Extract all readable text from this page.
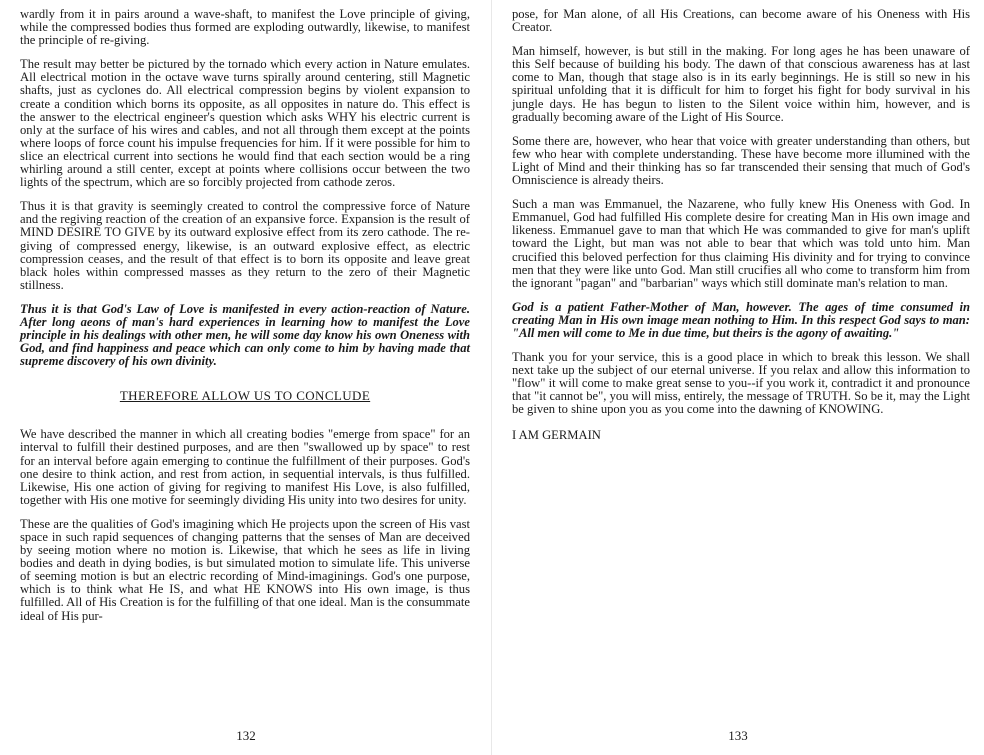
wardly from it in pairs around a wave-shaft, to manifest the Love principle of giving, while the compressed bodies thus formed are exploding outwardly, likewise, to manifest the principle of re-giving.

The result may better be pictured by the tornado which every action in Nature emulates. All electrical motion in the octave wave turns spirally around centering, still Magnetic shafts, just as cyclones do. All electrical compression begins by violent expansion to create a condition which borns its opposite, as all opposites in nature do. This effect is the answer to the electrical engineer's question which asks WHY his electric current is only at the surface of his wires and cables, and not all through them except at the points where loops of force count his impulse frequencies for him. If it were possible for him to slice an electrical current into sections he would find that each section would be a ring whirling around a still center, except at points where collisions occur between the two lights of the spectrum, which are so forcibly projected from cathode zeros.

Thus it is that gravity is seemingly created to control the compressive force of Nature and the regiving reaction of the creation of an expansive force. Expansion is the result of MIND DESIRE TO GIVE by its outward explosive effect from its zero cathode. The re-giving of compressed energy, likewise, is an outward explosive effect, as electric compression ceases, and the result of that effect is to born its opposite and leave great black holes within compressed masses as they return to the zero of their Magnetic stillness.

Thus it is that God's Law of Love is manifested in every action-reaction of Nature. After long aeons of man's hard experiences in learning how to manifest the Love principle in his dealings with other men, he will some day know his own Oneness with God, and find happiness and peace which can only come to him by having made that supreme discovery of his own divinity.

THEREFORE ALLOW US TO CONCLUDE

We have described the manner in which all creating bodies "emerge from space" for an interval to fulfill their destined purposes, and are then "swallowed up by space" to rest for an interval before again emerging to continue the fulfillment of their purposes. God's one desire to think action, and rest from action, in sequential intervals, is thus fulfilled. Likewise, His one action of giving for regiving to manifest His Love, is also fulfilled, together with His one motive for seemingly dividing His unity into two desires for unity.

These are the qualities of God's imagining which He projects upon the screen of His vast space in such rapid sequences of changing patterns that the senses of Man are deceived by seeing motion where no motion is. Likewise, that which he sees as life in living bodies and death in dying bodies, is but simulated motion to simulate life. This universe of seeming motion is but an electric recording of Mind-imaginings. God's one purpose, which is to think what He IS, and what HE KNOWS into His own image, is thus fulfilled. All of His Creation is for the fulfilling of that one ideal. Man is the consummate ideal of His pur-

132

pose, for Man alone, of all His Creations, can become aware of his Oneness with His Creator.

Man himself, however, is but still in the making. For long ages he has been unaware of this Self because of building his body. The dawn of that conscious awareness has at last come to Man, though that stage also is in its early beginnings. He is still so new in his spiritual unfolding that it is difficult for him to forget his fight for body survival in his jungle days. He has begun to listen to the Silent voice within him, however, and is gradually becoming aware of the Light of His Source.

Some there are, however, who hear that voice with greater understanding than others, but few who hear with complete understanding. These have become more illumined with the Light of Mind and their thinking has so far transcended their sensing that much of God's Omniscience is already theirs.

Such a man was Emmanuel, the Nazarene, who fully knew His Oneness with God. In Emmanuel, God had fulfilled His complete desire for creating Man in His own image and likeness. Emmanuel gave to man that which He was commanded to give for man's uplift toward the Light, but man was not able to bear that which was told unto him. Man crucified this beloved perfection for thus claiming His divinity and for trying to convince men that they were like unto God. Man still crucifies all who come to transform him from the ignorant "pagan" and "barbarian" ways which still dominate man's relation to man.

God is a patient Father-Mother of Man, however. The ages of time consumed in creating Man in His own image mean nothing to Him. In this respect God says to man: "All men will come to Me in due time, but theirs is the agony of awaiting."

Thank you for your service, this is a good place in which to break this lesson. We shall next take up the subject of our eternal universe. If you relax and allow this information to "flow" it will come to make great sense to you--if you work it, contradict it and pronounce that "it cannot be", you will miss, entirely, the message of TRUTH. So be it, may the Light be given to shine upon you as you come into the dawning of KNOWING.

I AM GERMAIN

133
